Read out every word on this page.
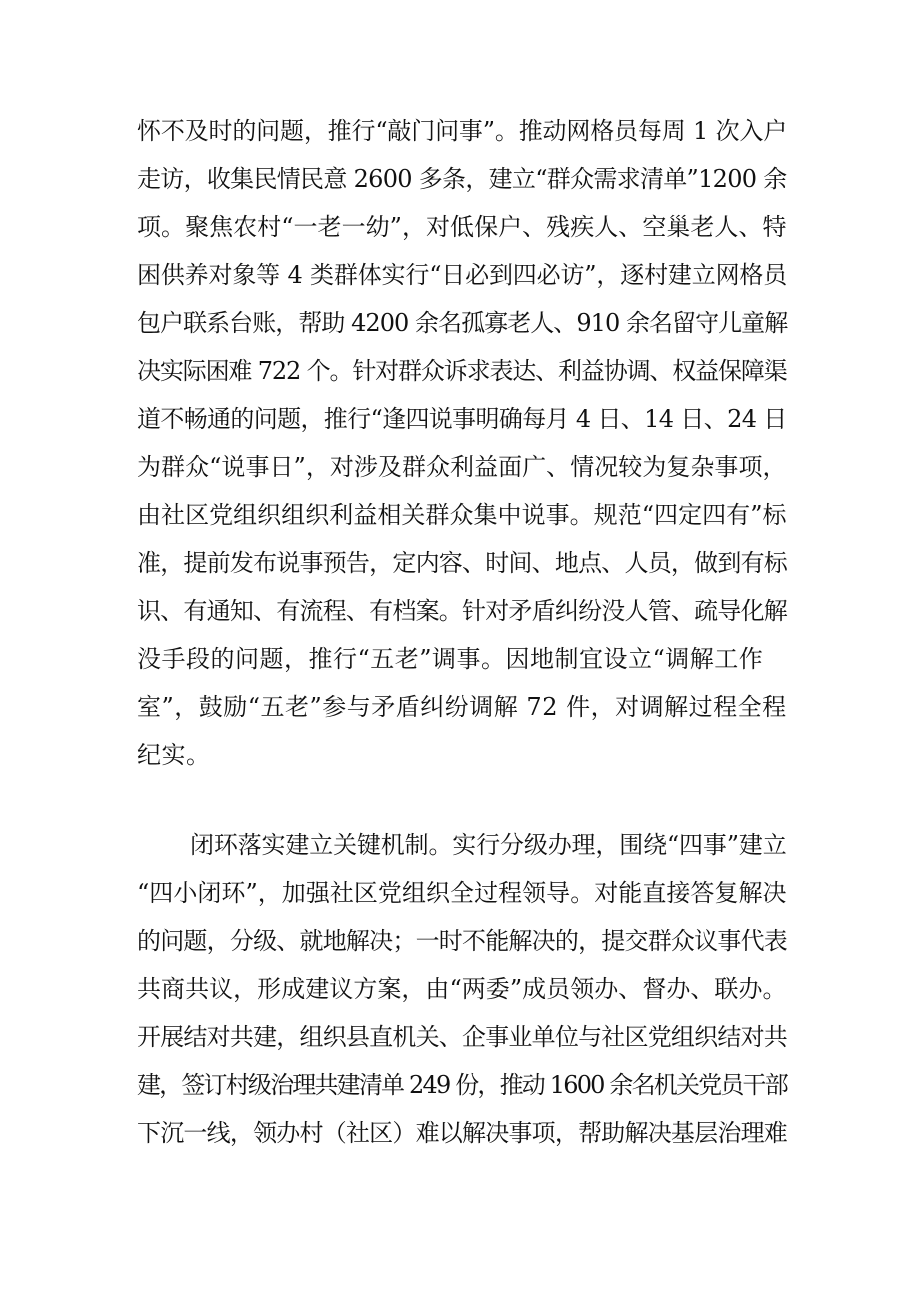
怀不及时的问题，推行“敲门问事”。推动网格员每周 1 次入户
走访，收集民情民意 2600 多条，建立“群众需求清单”1200 余
项。聚焦农村“一老一幼”，对低保户、残疾人、空巢老人、特
困供养对象等 4 类群体实行“日必到四必访”，逐村建立网格员
包户联系台账，帮助 4200 余名孤寡老人、910 余名留守儿童解
决实际困难 722 个。针对群众诉求表达、利益协调、权益保障渠
道不畅通的问题，推行“逢四说事明确每月 4 日、14 日、24 日
为群众“说事日”，对涉及群众利益面广、情况较为复杂事项，
由社区党组织组织利益相关群众集中说事。规范“四定四有”标
准，提前发布说事预告，定内容、时间、地点、人员，做到有标
识、有通知、有流程、有档案。针对矛盾纠纷没人管、疏导化解
没手段的问题，推行“五老”调事。因地制宜设立“调解工作
室”，鼓励“五老”参与矛盾纠纷调解 72 件，对调解过程全程
纪实。
闭环落实建立关键机制。实行分级办理，围绕“四事”建立
“四小闭环”，加强社区党组织全过程领导。对能直接答复解决
的问题，分级、就地解决；一时不能解决的，提交群众议事代表
共商共议，形成建议方案，由“两委”成员领办、督办、联办。
开展结对共建，组织县直机关、企事业单位与社区党组织结对共
建，签订村级治理共建清单 249 份，推动 1600 余名机关党员干部
下沉一线，领办村（社区）难以解决事项，帮助解决基层治理难
